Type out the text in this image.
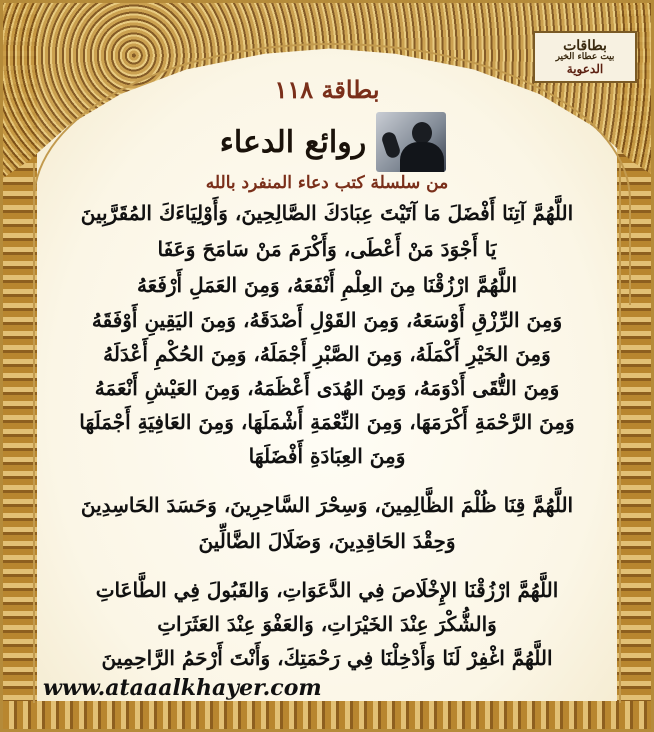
بطاقات
بيت عطاء الخير
الدعوية
بطاقة ١١٨
روائع الدعاء
من سلسلة كتب دعاء المنفرد بالله
اللَّهُمَّ آتِنَا أَفْضَلَ مَا آتَيْتَ عِبَادَكَ الصَّالِحِينَ، وَأَوْلِيَاءَكَ المُقَرَّبِينَ
يَا أَجْوَدَ مَنْ أَعْطَى، وَأَكْرَمَ مَنْ سَامَحَ وَعَفَا
اللَّهُمَّ ارْزُقْنَا مِنَ العِلْمِ أَنْفَعَهُ، وَمِنَ العَمَلِ أَرْفَعَهُ
وَمِنَ الرِّزْقِ أَوْسَعَهُ، وَمِنَ القَوْلِ أَصْدَقَهُ، وَمِنَ اليَقِينِ أَوْفَقَهُ
وَمِنَ الخَيْرِ أَكْمَلَهُ، وَمِنَ الصَّبْرِ أَجْمَلَهُ، وَمِنَ الحُكْمِ أَعْدَلَهُ
وَمِنَ التُّقَى أَدْوَمَهُ، وَمِنَ الهُدَى أَعْظَمَهُ، وَمِنَ العَيْشِ أَنْعَمَهُ
وَمِنَ الرَّحْمَةِ أَكْرَمَهَا، وَمِنَ النِّعْمَةِ أَشْمَلَهَا، وَمِنَ العَافِيَةِ أَجْمَلَهَا
وَمِنَ العِبَادَةِ أَفْضَلَهَا
اللَّهُمَّ قِنَا ظُلْمَ الظَّالِمِينَ، وَسِحْرَ السَّاحِرِينَ، وَحَسَدَ الحَاسِدِينَ
وَحِقْدَ الحَاقِدِينَ، وَضَلَالَ الضَّالِّينَ
اللَّهُمَّ ارْزُقْنَا الإِخْلَاصَ فِي الدَّعَوَاتِ، وَالقَبُولَ فِي الطَّاعَاتِ
وَالشُّكْرَ عِنْدَ الخَيْرَاتِ، وَالعَفْوَ عِنْدَ العَثَرَاتِ
اللَّهُمَّ اغْفِرْ لَنَا وَأَدْخِلْنَا فِي رَحْمَتِكَ، وَأَنْتَ أَرْحَمُ الرَّاحِمِينَ
www.ataaalkhayer.com
